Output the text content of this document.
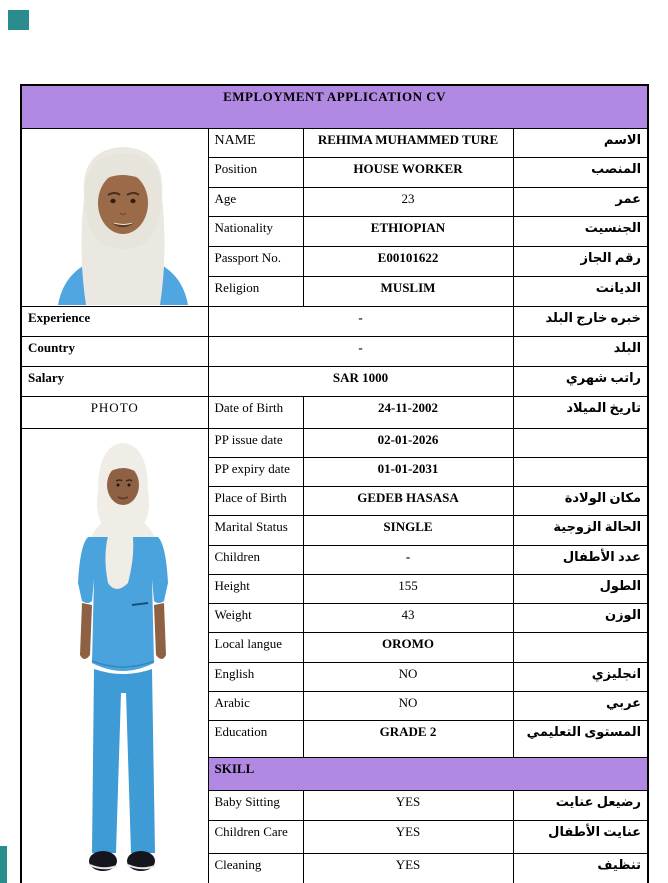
EMPLOYMENT APPLICATION CV			

	NAME	REHIMA MUHAMMED TURE	الاسم
	Position	HOUSE WORKER	المنصب
	Age	23	عمر
	Nationality	ETHIOPIAN	الجنسيت
	Passport No.	E00101622	رقم الجاز
	Religion	MUSLIM	الديانت
Experience	-		خبره خارج البلد
Country	-		البلد
Salary	SAR 1000		راتب شهري
PHOTO	Date of Birth	24-11-2002	تاريخ الميلاد

	PP issue date	02-01-2026	
	PP expiry date	01-01-2031	
	Place of Birth	GEDEB HASASA	مكان الولادة
	Marital Status	SINGLE	الحالة الزوجية
	Children	-	عدد الأطفال
	Height	155	الطول
	Weight	43	الوزن
	Local langue	OROMO	
	English	NO	انجليزي
	Arabic	NO	عربي
	Education	GRADE 2	المستوى التعليمي
	SKILL		
	Baby Sitting	YES	رضيعل عنايت
	Children Care	YES	عنايت الأطفال
	Cleaning	YES	تنظيف
